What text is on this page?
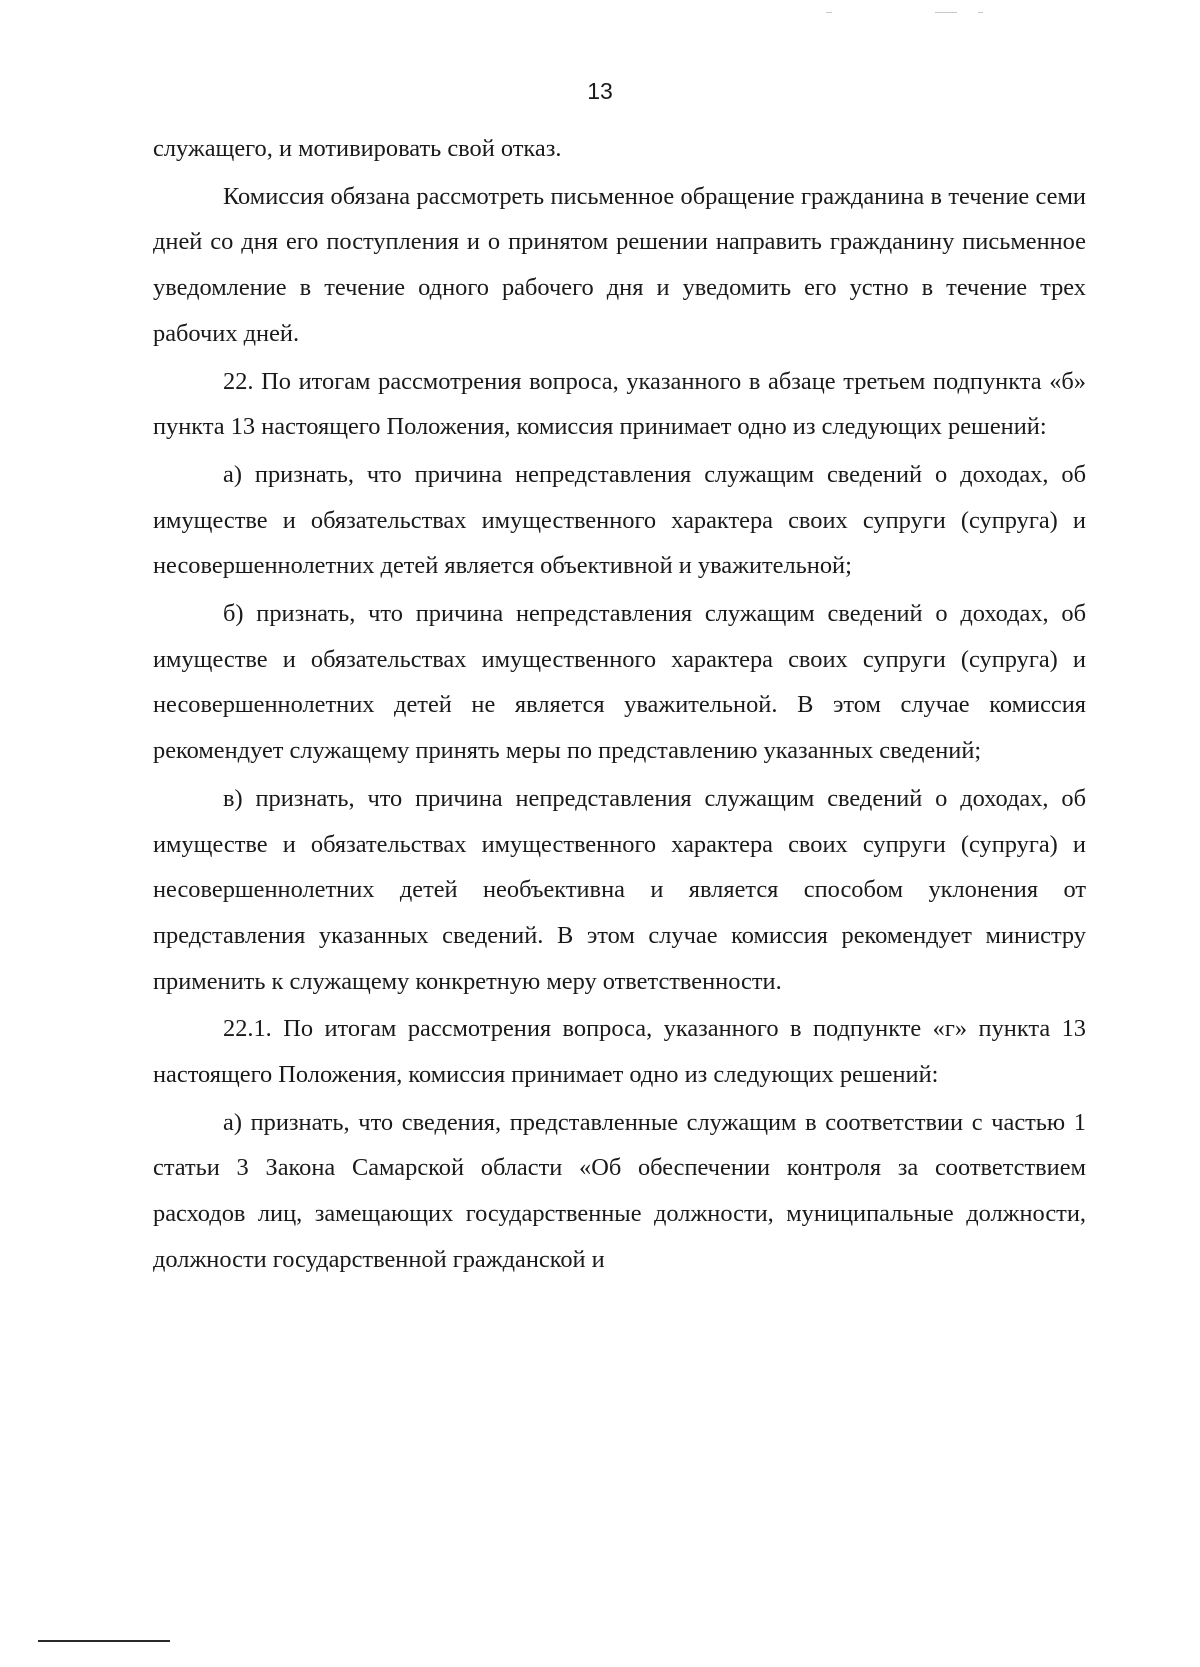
13

служащего, и мотивировать свой отказ.

Комиссия обязана рассмотреть письменное обращение гражданина в течение семи дней со дня его поступления и о принятом решении направить гражданину письменное уведомление в течение одного рабочего дня и уведомить его устно в течение трех рабочих дней.

22. По итогам рассмотрения вопроса, указанного в абзаце третьем подпункта «б» пункта 13 настоящего Положения, комиссия принимает одно из следующих решений:

а) признать, что причина непредставления служащим сведений о доходах, об имуществе и обязательствах имущественного характера своих супруги (супруга) и несовершеннолетних детей является объективной и уважительной;

б) признать, что причина непредставления служащим сведений о доходах, об имуществе и обязательствах имущественного характера своих супруги (супруга) и несовершеннолетних детей не является уважительной. В этом случае комиссия рекомендует служащему принять меры по представлению указанных сведений;

в) признать, что причина непредставления служащим сведений о доходах, об имуществе и обязательствах имущественного характера своих супруги (супруга) и несовершеннолетних детей необъективна и является способом уклонения от представления указанных сведений. В этом случае комиссия рекомендует министру применить к служащему конкретную меру ответственности.

22.1. По итогам рассмотрения вопроса, указанного в подпункте «г» пункта 13 настоящего Положения, комиссия принимает одно из следующих решений:

а) признать, что сведения, представленные служащим в соответствии с частью 1 статьи 3 Закона Самарской области «Об обеспечении контроля за соответствием расходов лиц, замещающих государственные должности, муниципальные должности, должности государственной гражданской и
